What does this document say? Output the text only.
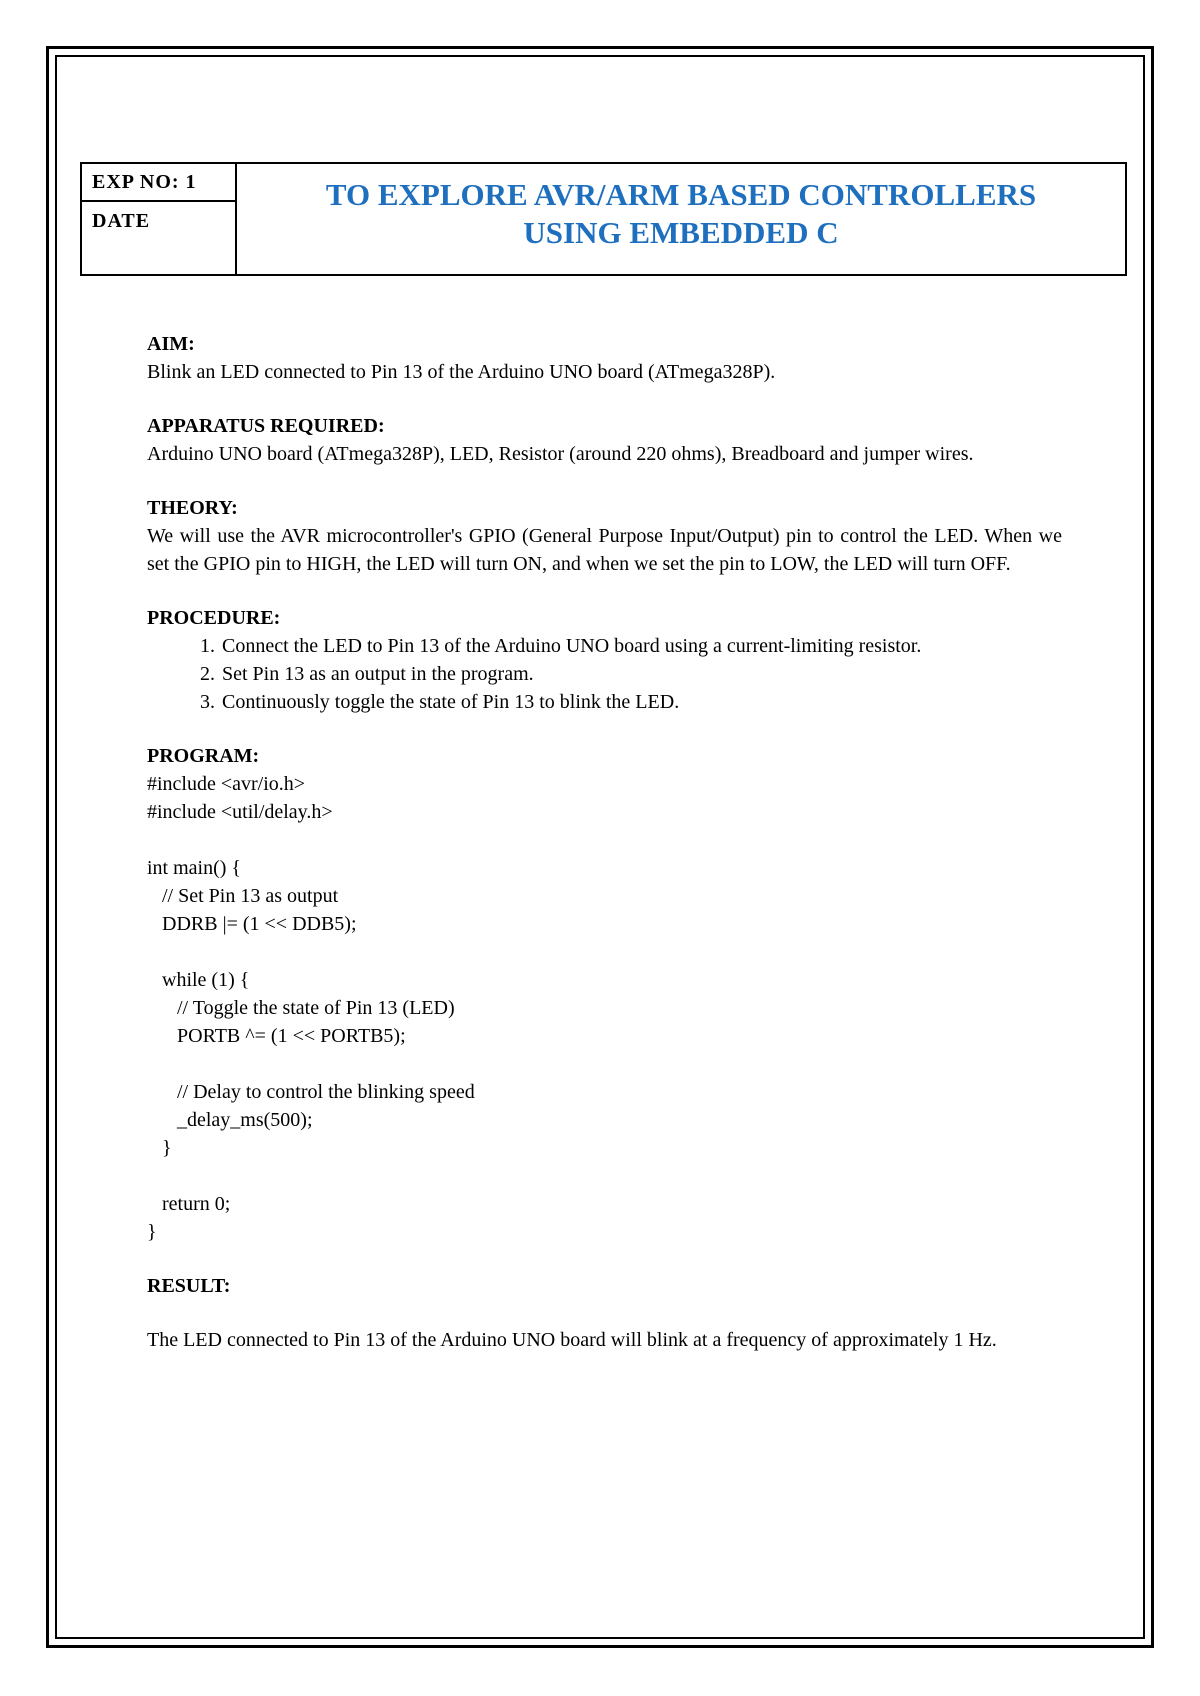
EXP NO: 1
DATE
TO EXPLORE AVR/ARM BASED CONTROLLERS
USING EMBEDDED C

AIM:

Blink an LED connected to Pin 13 of the Arduino UNO board (ATmega328P).

APPARATUS REQUIRED:

Arduino UNO board (ATmega328P), LED, Resistor (around 220 ohms), Breadboard and jumper wires.

THEORY:

We will use the AVR microcontroller's GPIO (General Purpose Input/Output) pin to control the LED. When we set the GPIO pin to HIGH, the LED will turn ON, and when we set the pin to LOW, the LED will turn OFF.

PROCEDURE:

1. Connect the LED to Pin 13 of the Arduino UNO board using a current-limiting resistor.
2. Set Pin 13 as an output in the program.
3. Continuously toggle the state of Pin 13 to blink the LED.

PROGRAM:

#include <avr/io.h>
#include <util/delay.h>

int main() {
// Set Pin 13 as output
DDRB |= (1 << DDB5);

while (1) {
// Toggle the state of Pin 13 (LED)
PORTB ^= (1 << PORTB5);

// Delay to control the blinking speed
_delay_ms(500);
}

return 0;
}

RESULT:

The LED connected to Pin 13 of the Arduino UNO board will blink at a frequency of approximately 1 Hz.
